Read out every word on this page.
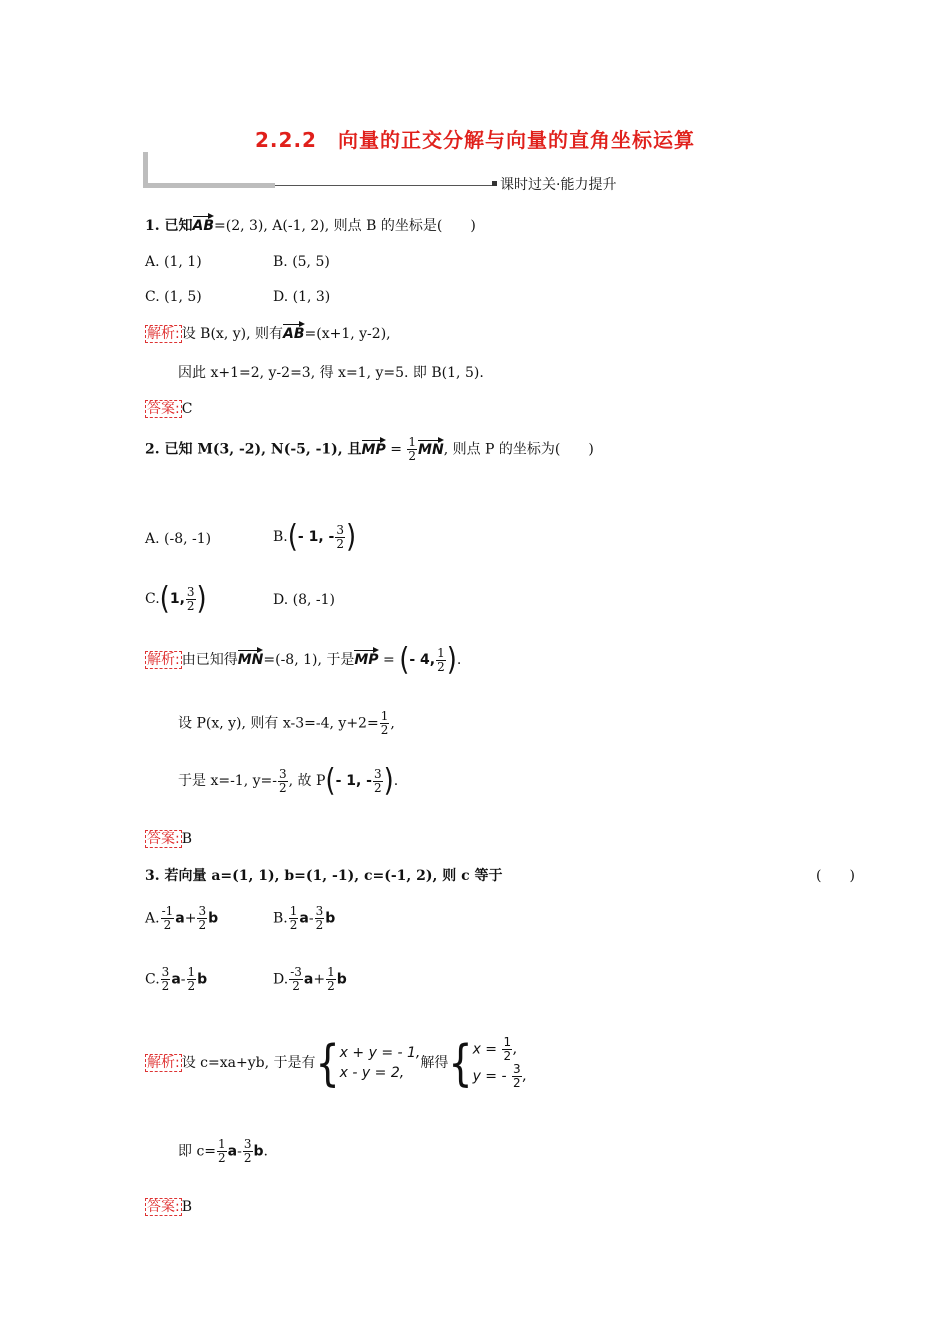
2.2.2　向量的正交分解与向量的直角坐标运算
课时过关·能力提升
1. 已知AB=(2, 3), A(-1, 2), 则点 B 的坐标是(　　)
A. (1, 1)	B. (5, 5)
C. (1, 5)	D. (1, 3)
解析: 设 B(x, y), 则有AB=(x+1, y-2),
因此 x+1=2, y-2=3, 得 x=1, y=5. 即 B(1, 5).
答案: C
2. 已知 M(3, -2), N(-5, -1), 且MP = $\frac{1}{2}$ MN, 则点 P 的坐标为(　　)
A. (-8, -1)	B.(- 1, - $\frac{3}{2}$ )
C.(1, $\frac{3}{2}$ )	D. (8, -1)
解析: 由已知得MN=(-8, 1), 于是MP = (- 4, $\frac{1}{2}$ ).
设 P(x, y), 则有 x-3=-4, $y+2= \frac{1}{2}$ ,
于是 x=-1, $y=- \frac{3}{2}$ , 故 P(- 1, - $\frac{3}{2}$ ).
答案: B
3. 若向量 a=(1, 1), b=(1, -1), c=(-1, 2), 则 c 等于	(　　)
A. $\frac{-1}{2} a+ \frac{3}{2}$ b	B. $\frac{1}{2} a- \frac{3}{2}$ b
C. $\frac{3}{2} a- \frac{1}{2}$ b	D. $\frac{-3}{2} a+ \frac{1}{2}$ b
解析: 设 c=xa+yb, 于是有{ x + y = - 1,
x - y = 2,
解得{ $x = \frac{1}{2}$ ,
y = - $\frac{3}{2}$ ,
即 $c= \frac{1}{2} a- \frac{3}{2} b$.
答案: B
